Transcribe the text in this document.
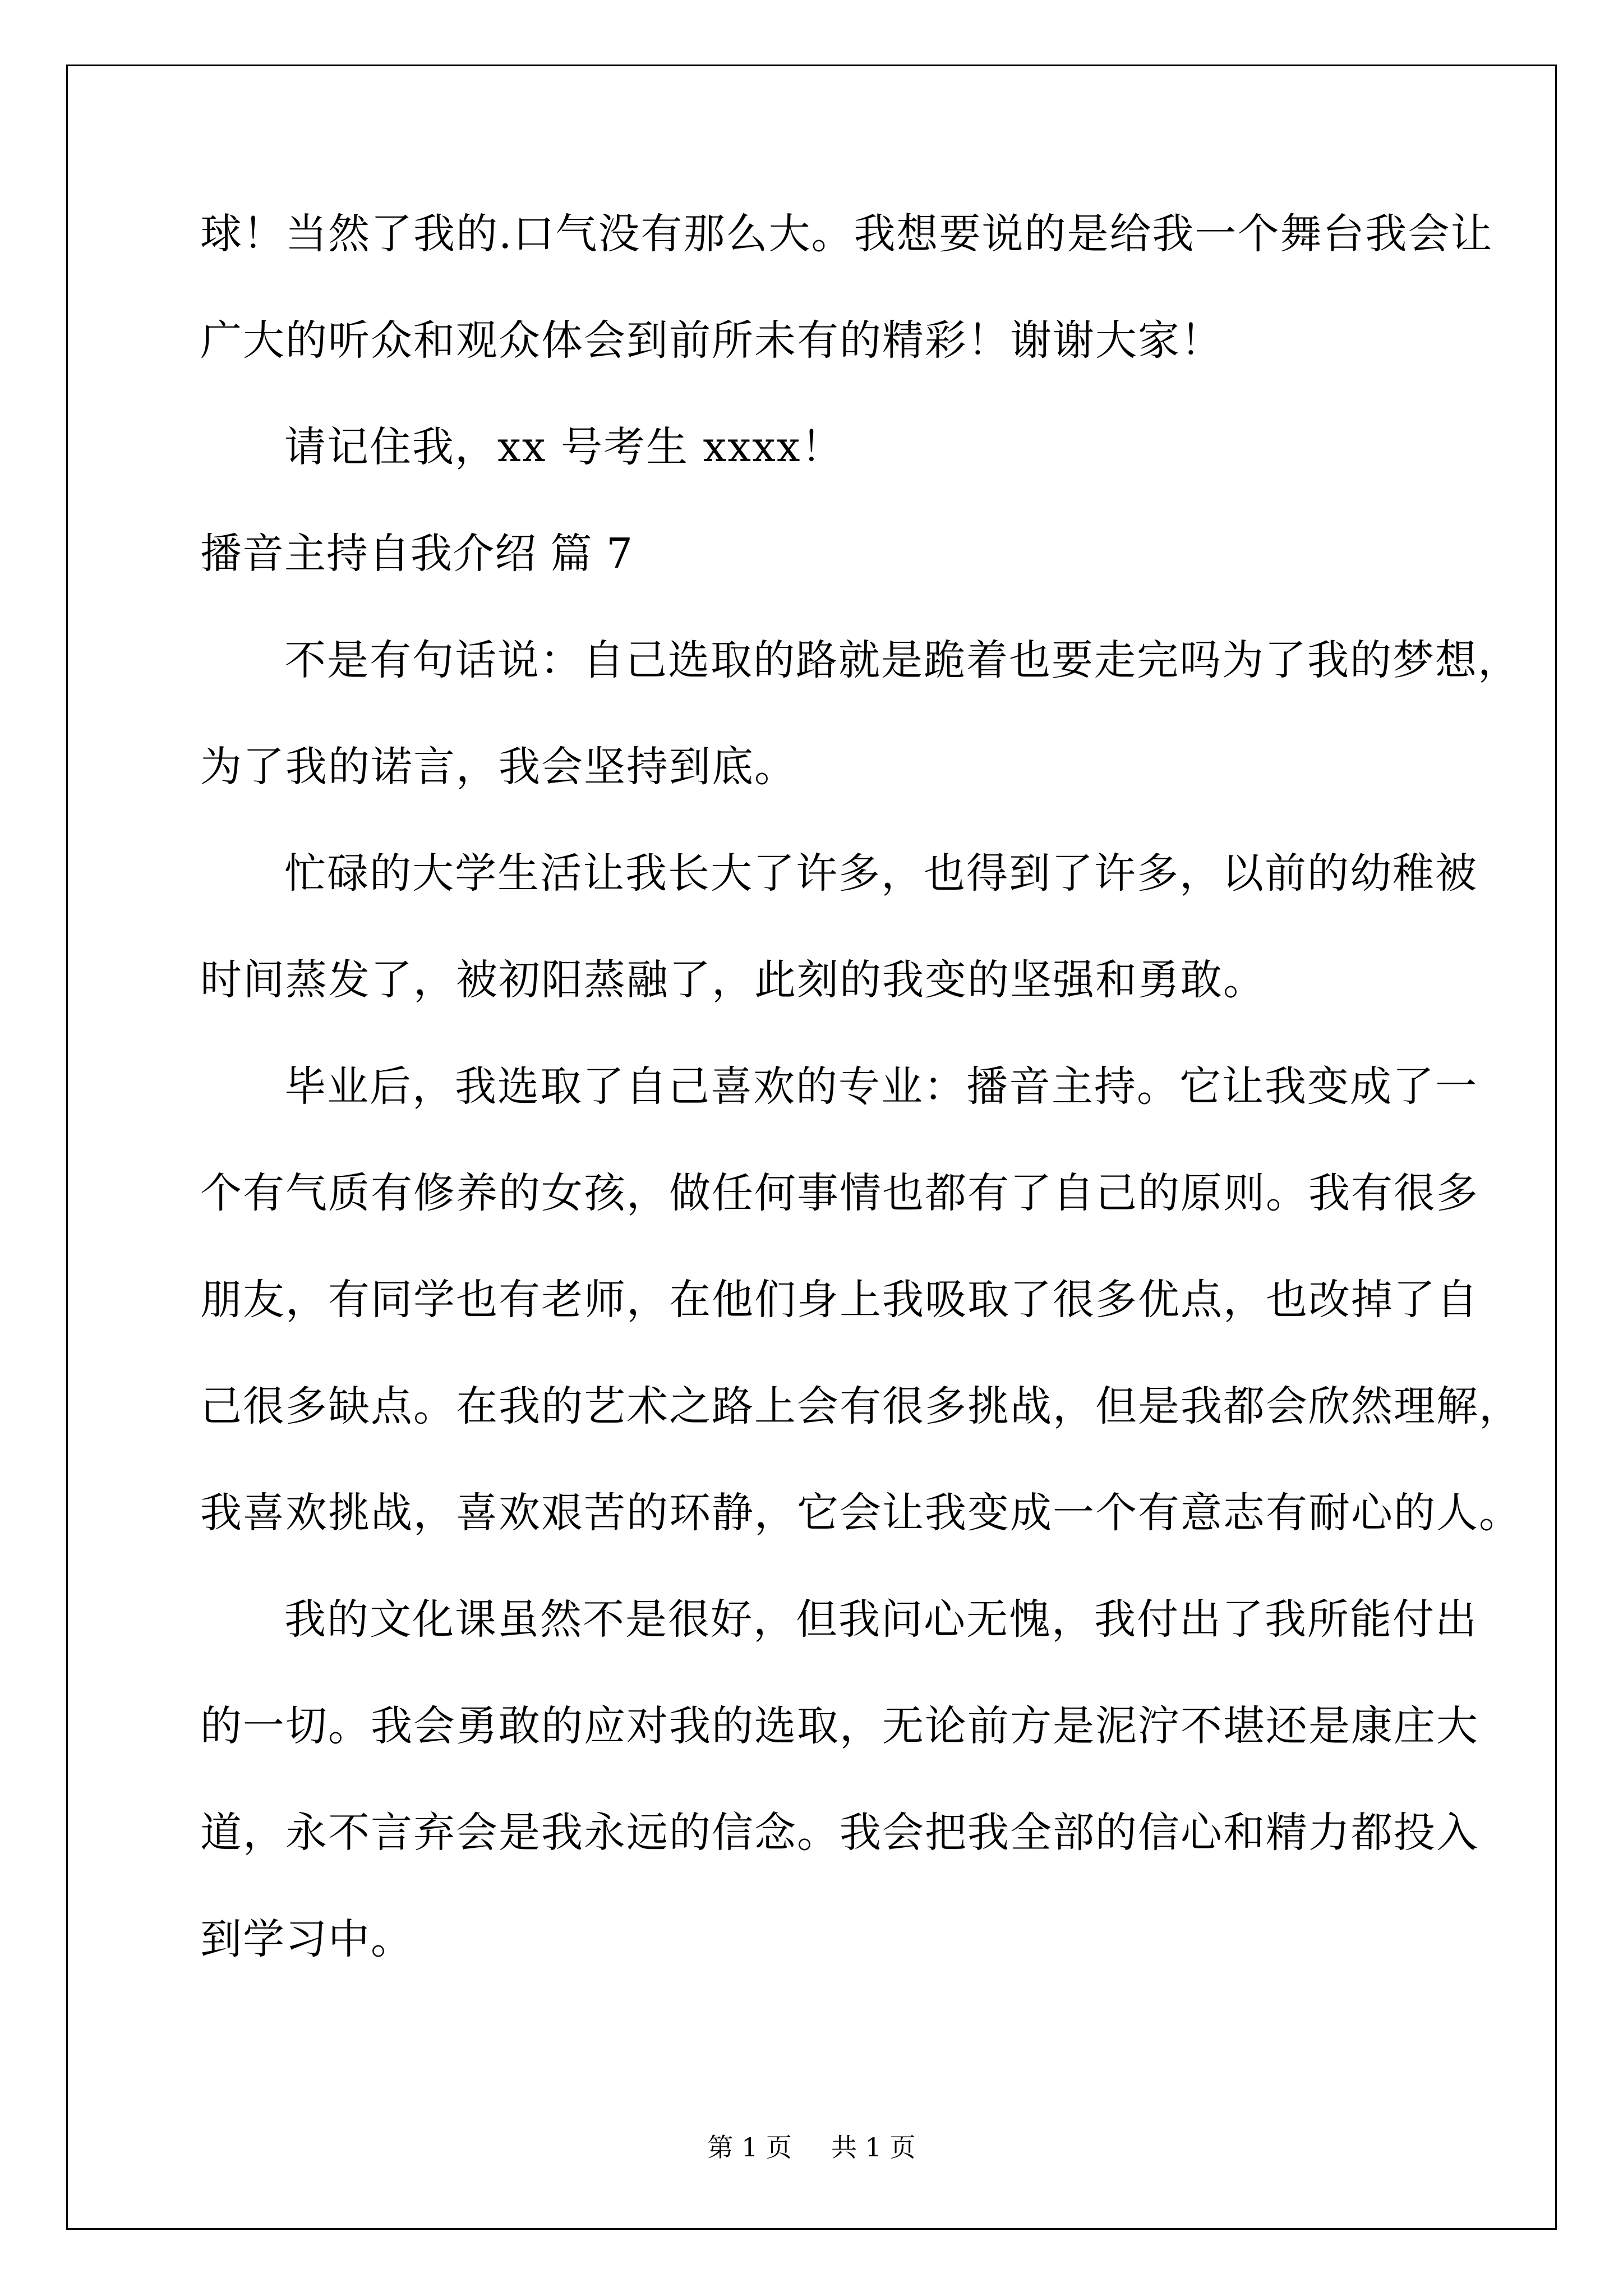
球！当然了我的.口气没有那么大。我想要说的是给我一个舞台我会让
广大的听众和观众体会到前所未有的精彩！谢谢大家！
请记住我，xx 号考生 xxxx！
播音主持自我介绍 篇 7
不是有句话说：自己选取的路就是跪着也要走完吗为了我的梦想，
为了我的诺言，我会坚持到底。
忙碌的大学生活让我长大了许多，也得到了许多，以前的幼稚被
时间蒸发了，被初阳蒸融了，此刻的我变的坚强和勇敢。
毕业后，我选取了自己喜欢的专业：播音主持。它让我变成了一
个有气质有修养的女孩，做任何事情也都有了自己的原则。我有很多
朋友，有同学也有老师，在他们身上我吸取了很多优点，也改掉了自
己很多缺点。在我的艺术之路上会有很多挑战，但是我都会欣然理解，
我喜欢挑战，喜欢艰苦的环静，它会让我变成一个有意志有耐心的人。
我的文化课虽然不是很好，但我问心无愧，我付出了我所能付出
的一切。我会勇敢的应对我的选取，无论前方是泥泞不堪还是康庄大
道，永不言弃会是我永远的信念。我会把我全部的信心和精力都投入
到学习中。
第 1 页 共 1 页
